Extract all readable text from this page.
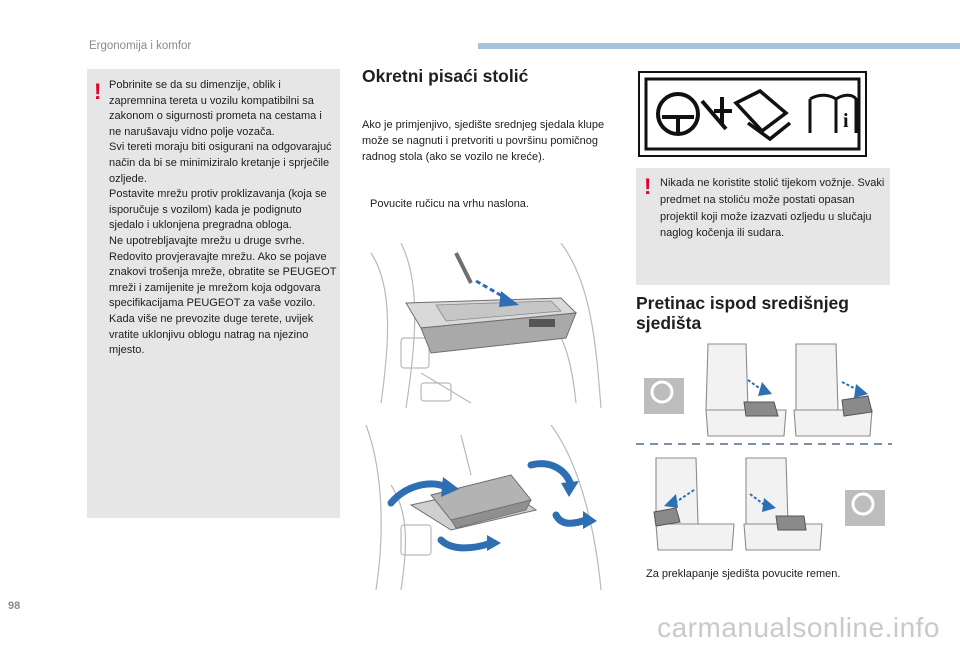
Ergonomija i komfor
! Pobrinite se da su dimenzije, oblik i zapremnina tereta u vozilu kompatibilni sa zakonom o sigurnosti prometa na cestama i ne narušavaju vidno polje vozača.

Svi tereti moraju biti osigurani na odgovarajuć način da bi se minimiziralo kretanje i sprječile ozljede.

Postavite mrežu protiv proklizavanja (koja se isporučuje s vozilom) kada je podignuto sjedalo i uklonjena pregradna obloga.

Ne upotrebljavajte mrežu u druge svrhe.

Redovito provjeravajte mrežu. Ako se pojave znakovi trošenja mreže, obratite se PEUGEOT mreži i zamijenite je mrežom koja odgovara specifikacijama PEUGEOT za vaše vozilo.

Kada više ne prevozite duge terete, uvijek vratite uklonjivu oblogu natrag na njezino mjesto.

Okretni pisaći stolić
Ako je primjenjivo, sjedište srednjeg sjedala klupe može se nagnuti i pretvoriti u površinu pomičnog radnog stola (ako se vozilo ne kreće).
Povucite ručicu na vrhu naslona.
i
! Nikada ne koristite stolić tijekom vožnje. Svaki predmet na stoliću može postati opasan projektil koji može izazvati ozljedu u slučaju naglog kočenja ili sudara.
Pretinac ispod središnjeg
sjedišta
Za preklapanje sjedišta povucite remen.
98
carmanualsonline.info
